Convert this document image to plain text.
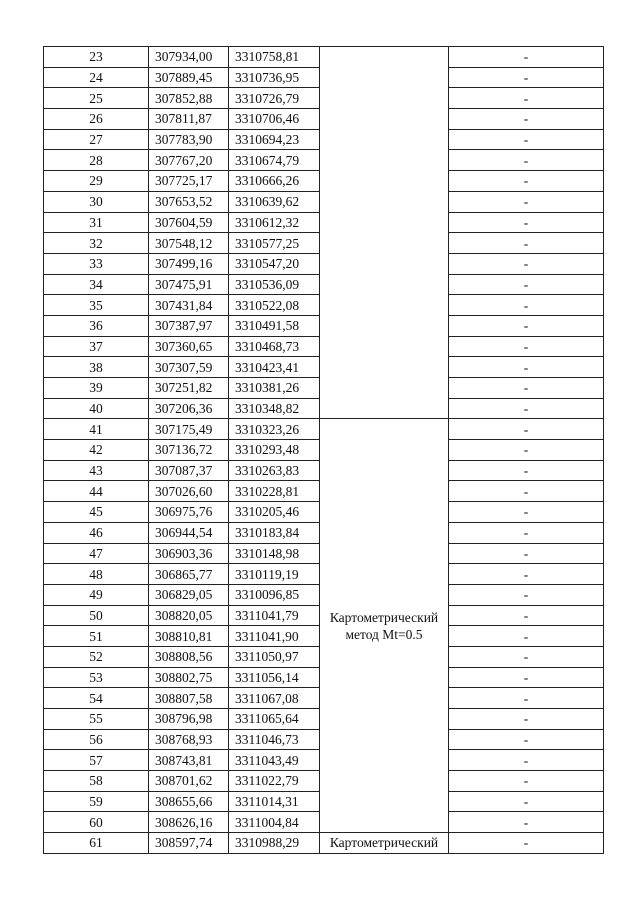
23	307934,00	3310758,81			-
24	307889,45	3310736,95		-
25	307852,88	3310726,79		-
26	307811,87	3310706,46		-
27	307783,90	3310694,23		-
28	307767,20	3310674,79		-
29	307725,17	3310666,26		-
30	307653,52	3310639,62		-
31	307604,59	3310612,32		-
32	307548,12	3310577,25		-
33	307499,16	3310547,20		-
34	307475,91	3310536,09		-
35	307431,84	3310522,08		-
36	307387,97	3310491,58		-
37	307360,65	3310468,73		-
38	307307,59	3310423,41		-
39	307251,82	3310381,26		-
40	307206,36	3310348,82		-
41	307175,49	3310323,26	Картометрический метод Mt=0.5		-
42	307136,72	3310293,48		-
43	307087,37	3310263,83		-
44	307026,60	3310228,81		-
45	306975,76	3310205,46		-
46	306944,54	3310183,84		-
47	306903,36	3310148,98		-
48	306865,77	3310119,19		-
49	306829,05	3310096,85		-
50	308820,05	3311041,79		-
51	308810,81	3311041,90		-
52	308808,56	3311050,97		-
53	308802,75	3311056,14		-
54	308807,58	3311067,08		-
55	308796,98	3311065,64		-
56	308768,93	3311046,73		-
57	308743,81	3311043,49		-
58	308701,62	3311022,79		-
59	308655,66	3311014,31		-
60	308626,16	3311004,84		-
61	308597,74	3310988,29	Картометрический		-
